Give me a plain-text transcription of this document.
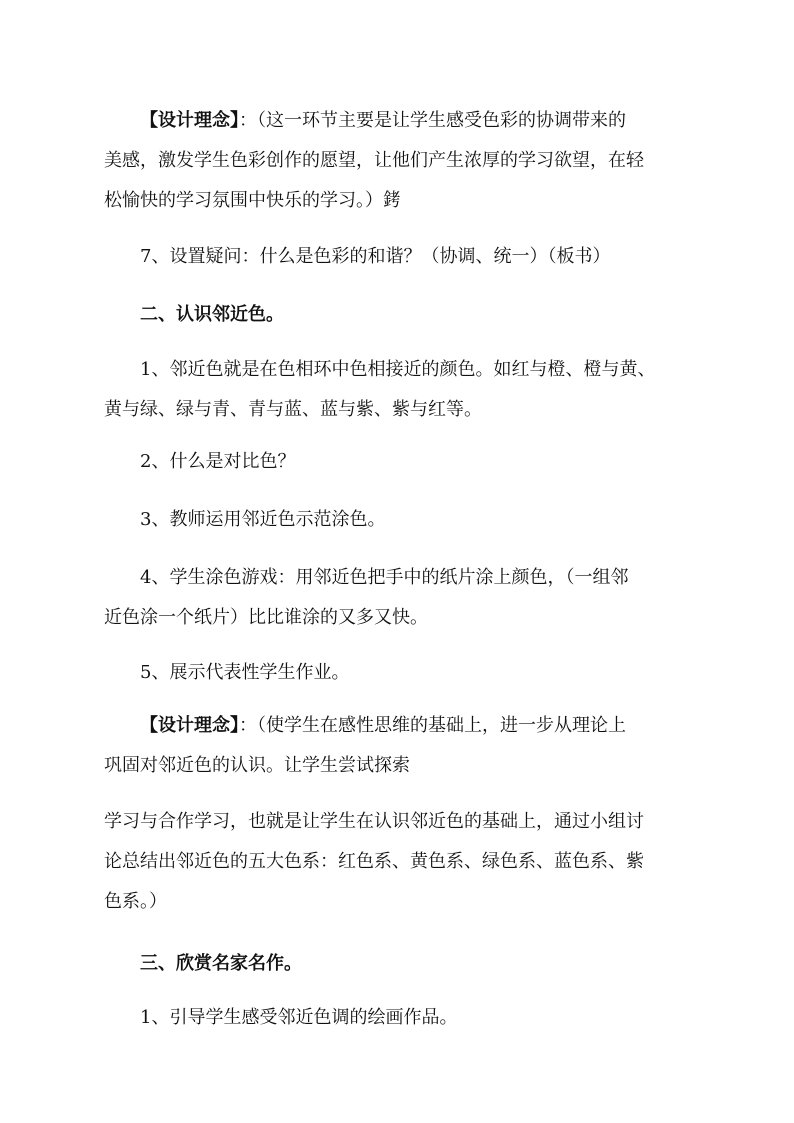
【设计理念】：（这一环节主要是让学生感受色彩的协调带来的
美感，激发学生色彩创作的愿望，让他们产生浓厚的学习欲望，在轻
松愉快的学习氛围中快乐的学习。）銬
7、设置疑问：什么是色彩的和谐？（协调、统一）（板书）
二、认识邻近色。
1、邻近色就是在色相环中色相接近的颜色。如红与橙、橙与黄、
黄与绿、绿与青、青与蓝、蓝与紫、紫与红等。
2、什么是对比色？
3、教师运用邻近色示范涂色。
4、学生涂色游戏：用邻近色把手中的纸片涂上颜色，（一组邻
近色涂一个纸片）比比谁涂的又多又快。
5、展示代表性学生作业。
【设计理念】：（使学生在感性思维的基础上，进一步从理论上
巩固对邻近色的认识。让学生尝试探索
学习与合作学习，也就是让学生在认识邻近色的基础上，通过小组讨
论总结出邻近色的五大色系：红色系、黄色系、绿色系、蓝色系、紫
色系。）
三、欣赏名家名作。
1、引导学生感受邻近色调的绘画作品。
